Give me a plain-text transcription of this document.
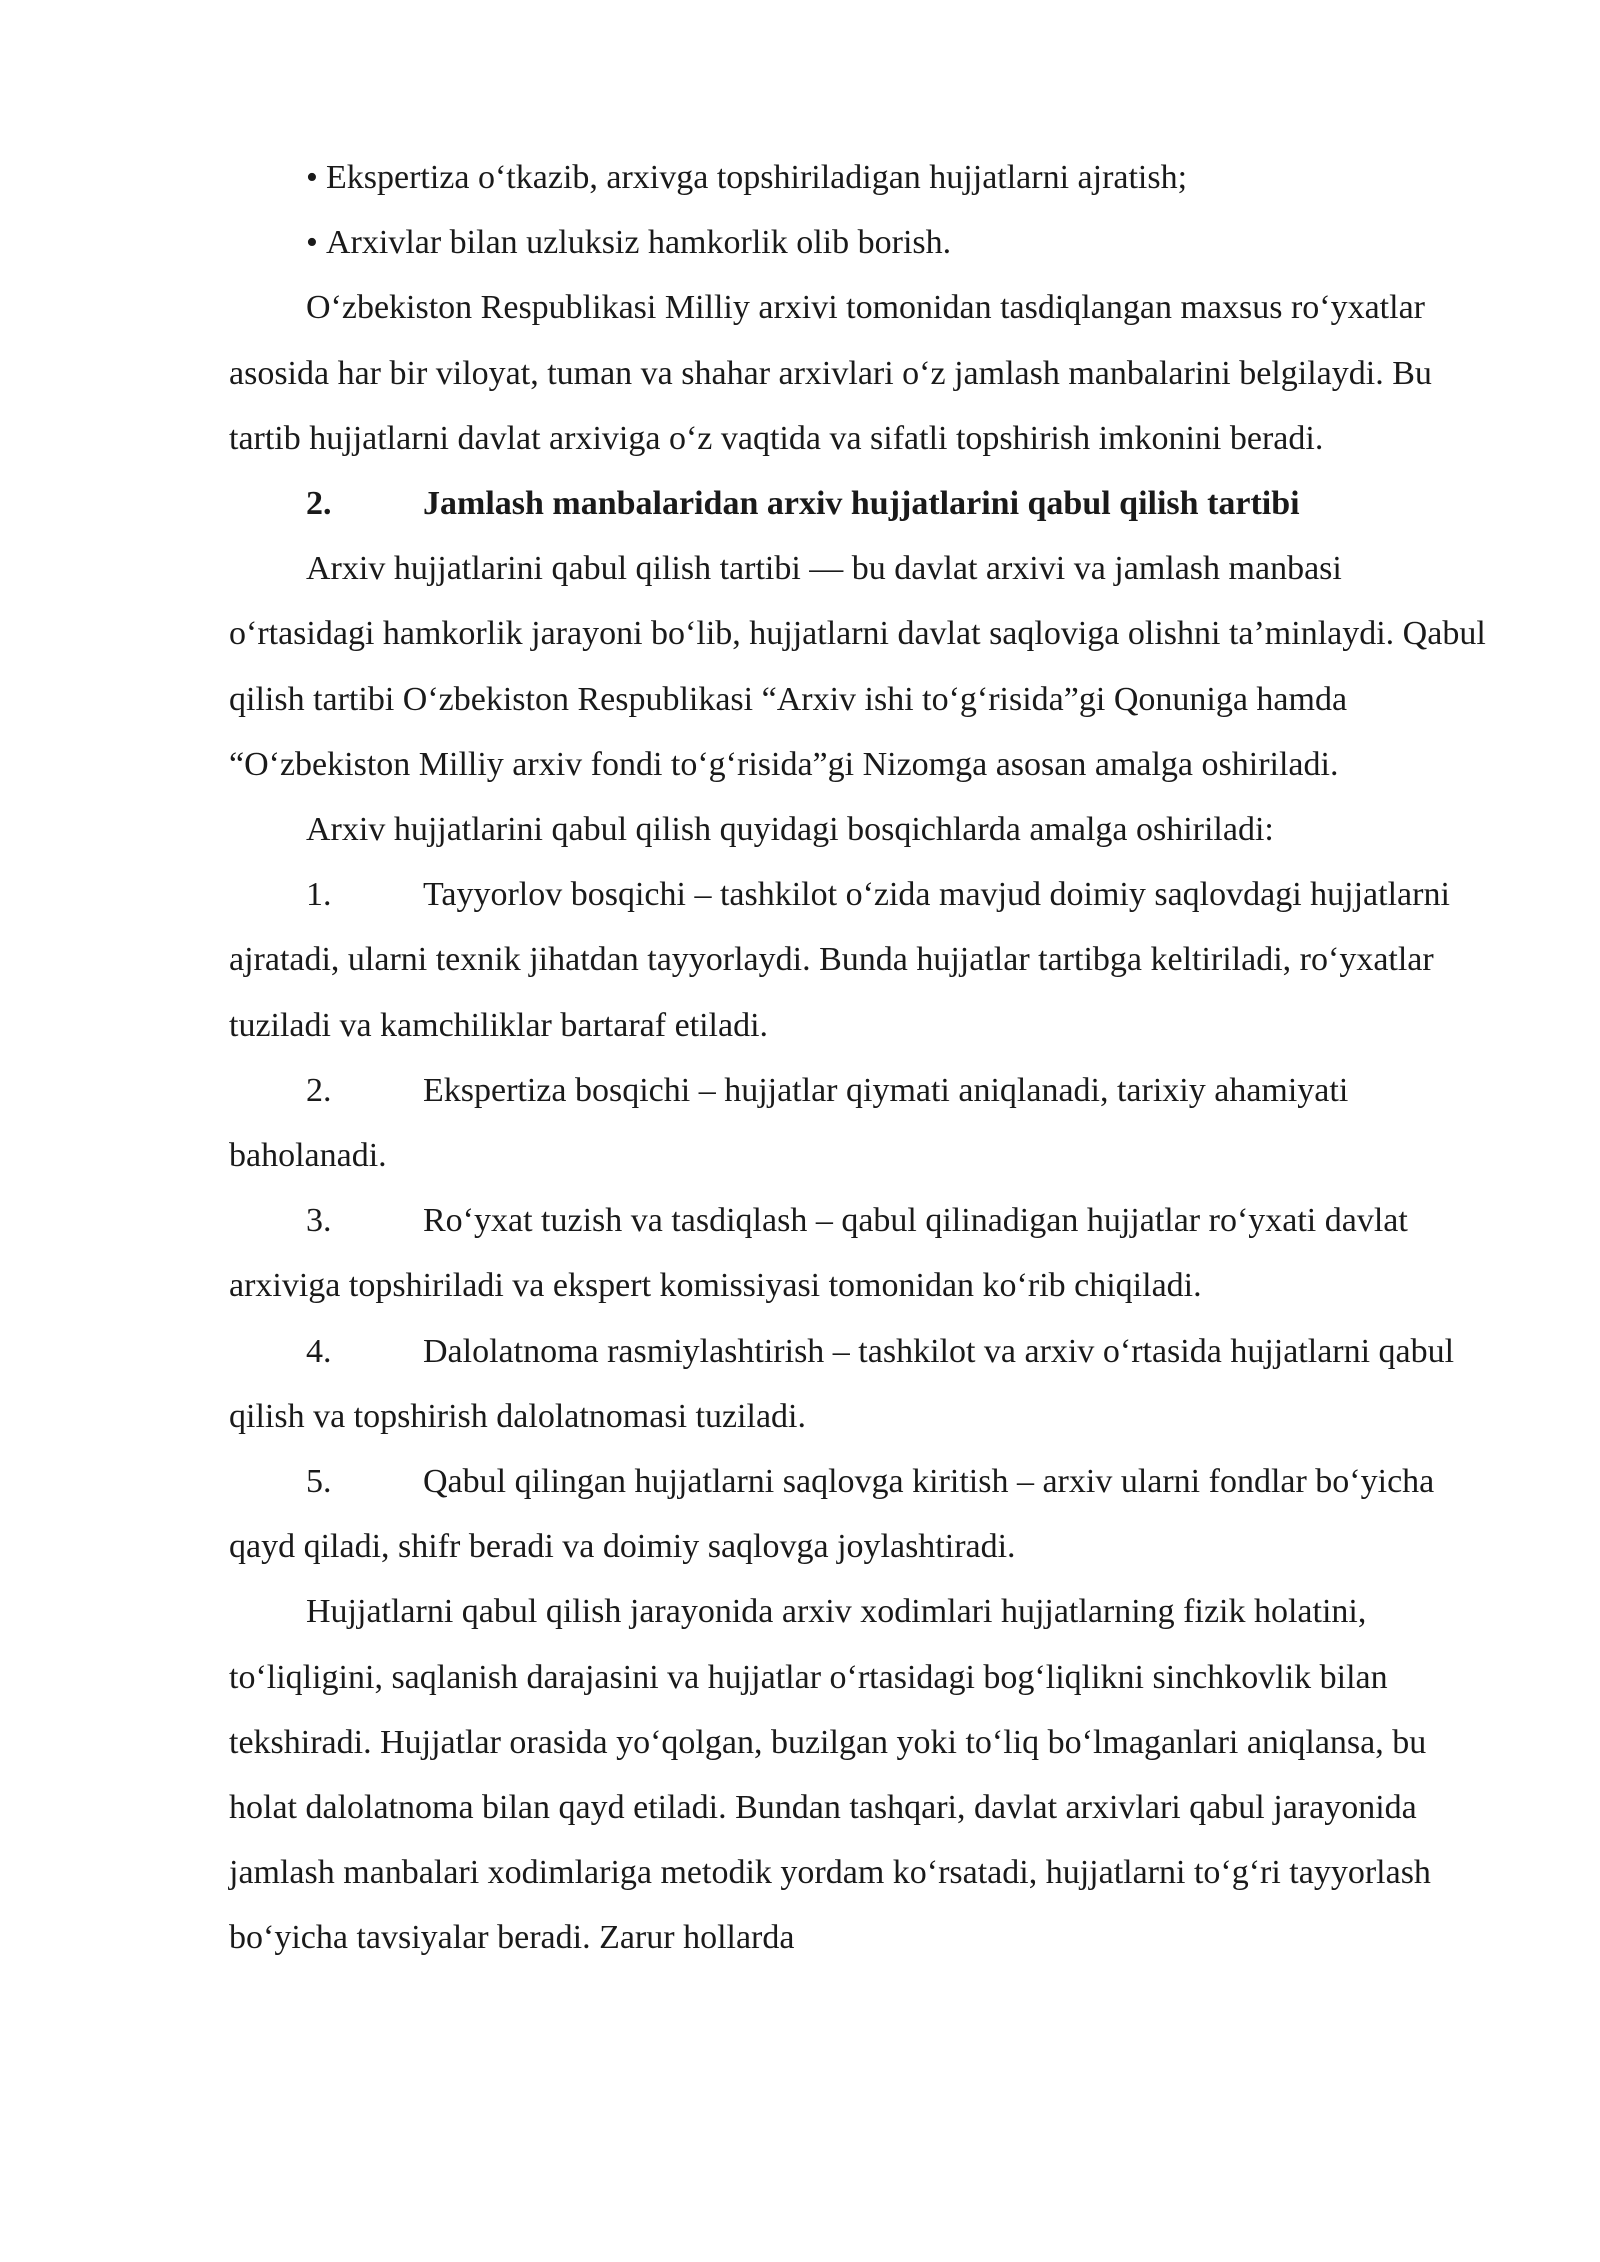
• Ekspertiza o‘tkazib, arxivga topshiriladigan hujjatlarni ajratish;

• Arxivlar bilan uzluksiz hamkorlik olib borish.

O‘zbekiston Respublikasi Milliy arxivi tomonidan tasdiqlangan maxsus ro‘yxatlar asosida har bir viloyat, tuman va shahar arxivlari o‘z jamlash manbalarini belgilaydi. Bu tartib hujjatlarni davlat arxiviga o‘z vaqtida va sifatli topshirish imkonini beradi.

2.	Jamlash manbalaridan arxiv hujjatlarini qabul qilish tartibi

Arxiv hujjatlarini qabul qilish tartibi — bu davlat arxivi va jamlash manbasi o‘rtasidagi hamkorlik jarayoni bo‘lib, hujjatlarni davlat saqloviga olishni ta’minlaydi. Qabul qilish tartibi O‘zbekiston Respublikasi “Arxiv ishi to‘g‘risida”gi Qonuniga hamda “O‘zbekiston Milliy arxiv fondi to‘g‘risida”gi Nizomga asosan amalga oshiriladi.

Arxiv hujjatlarini qabul qilish quyidagi bosqichlarda amalga oshiriladi:

1.	Tayyorlov bosqichi – tashkilot o‘zida mavjud doimiy saqlovdagi hujjatlarni ajratadi, ularni texnik jihatdan tayyorlaydi. Bunda hujjatlar tartibga keltiriladi, ro‘yxatlar tuziladi va kamchiliklar bartaraf etiladi.

2.	Ekspertiza bosqichi – hujjatlar qiymati aniqlanadi, tarixiy ahamiyati baholanadi.

3.	Ro‘yxat tuzish va tasdiqlash – qabul qilinadigan hujjatlar ro‘yxati davlat arxiviga topshiriladi va ekspert komissiyasi tomonidan ko‘rib chiqiladi.

4.	Dalolatnoma rasmiylashtirish – tashkilot va arxiv o‘rtasida hujjatlarni qabul qilish va topshirish dalolatnomasi tuziladi.

5.	Qabul qilingan hujjatlarni saqlovga kiritish – arxiv ularni fondlar bo‘yicha qayd qiladi, shifr beradi va doimiy saqlovga joylashtiradi.

Hujjatlarni qabul qilish jarayonida arxiv xodimlari hujjatlarning fizik holatini, to‘liqligini, saqlanish darajasini va hujjatlar o‘rtasidagi bog‘liqlikni sinchkovlik bilan tekshiradi. Hujjatlar orasida yo‘qolgan, buzilgan yoki to‘liq bo‘lmaganlari aniqlansa, bu holat dalolatnoma bilan qayd etiladi. Bundan tashqari, davlat arxivlari qabul jarayonida jamlash manbalari xodimlariga metodik yordam ko‘rsatadi, hujjatlarni to‘g‘ri tayyorlash bo‘yicha tavsiyalar beradi. Zarur hollarda
